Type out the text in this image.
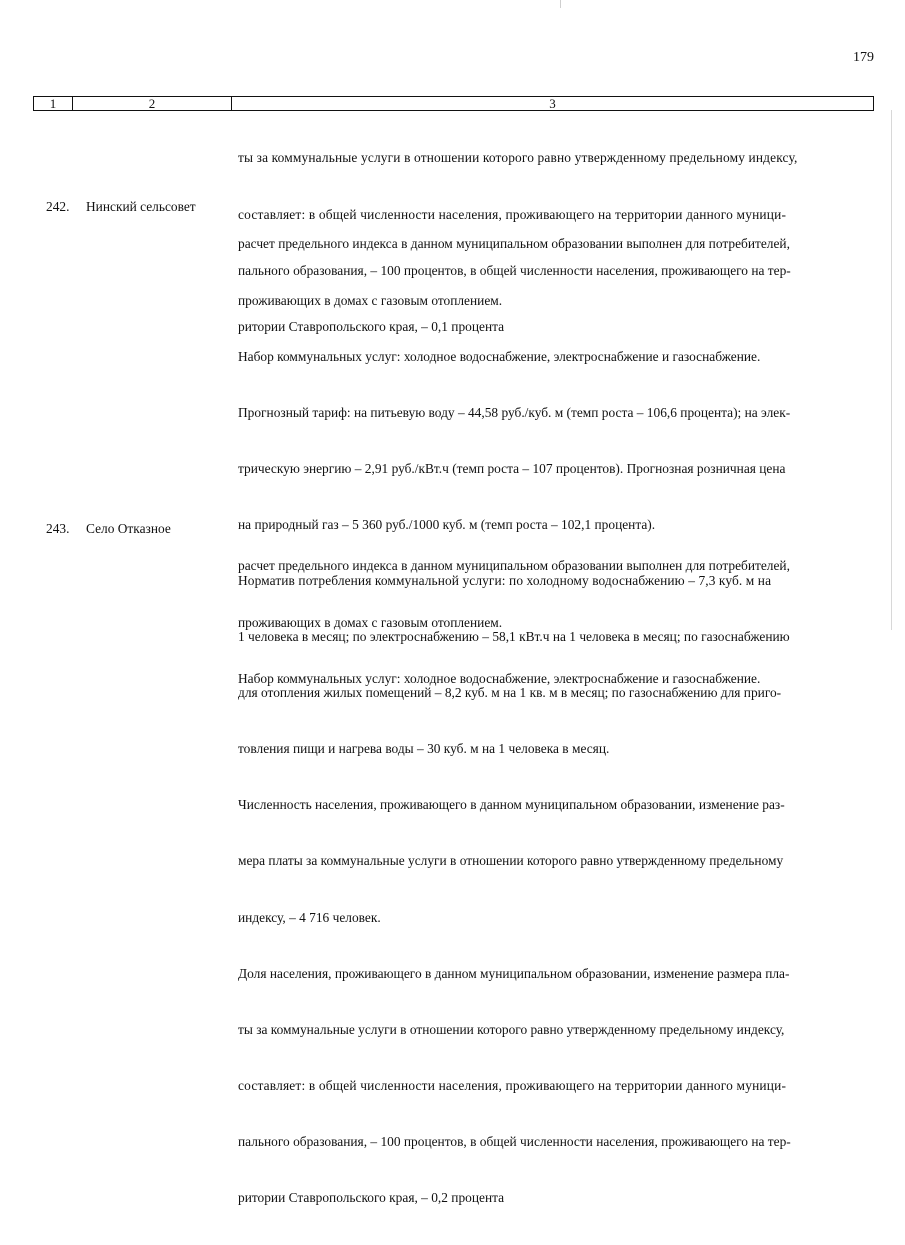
179
1	2	3

ты за коммунальные услуги в отношении которого равно утвержденному предельному индексу,

составляет: в общей численности населения, проживающего на территории данного муници-

пального образования, – 100 процентов, в общей численности населения, проживающего на тер-

ритории Ставропольского края, – 0,1 процента

242. Нинский сельсовет

расчет предельного индекса в данном муниципальном образовании выполнен для потребителей,

проживающих в домах с газовым отоплением.

Набор коммунальных услуг: холодное водоснабжение, электроснабжение и газоснабжение.

Прогнозный тариф: на питьевую воду – 44,58 руб./куб. м (темп роста – 106,6 процента); на элек-

трическую энергию – 2,91 руб./кВт.ч (темп роста – 107 процентов). Прогнозная розничная цена

на природный газ – 5 360 руб./1000 куб. м (темп роста – 102,1 процента).

Норматив потребления коммунальной услуги: по холодному водоснабжению – 7,3 куб. м на

1 человека в месяц; по электроснабжению – 58,1 кВт.ч на 1 человека в месяц; по газоснабжению

для отопления жилых помещений – 8,2 куб. м на 1 кв. м в месяц; по газоснабжению для приго-

товления пищи и нагрева воды – 30 куб. м на 1 человека в месяц.

Численность населения, проживающего в данном муниципальном образовании, изменение раз-

мера платы за коммунальные услуги в отношении которого равно утвержденному предельному

индексу, – 4 716 человек.

Доля населения, проживающего в данном муниципальном образовании, изменение размера пла-

ты за коммунальные услуги в отношении которого равно утвержденному предельному индексу,

составляет: в общей численности населения, проживающего на территории данного муници-

пального образования, – 100 процентов, в общей численности населения, проживающего на тер-

ритории Ставропольского края, – 0,2 процента

243. Село Отказное

расчет предельного индекса в данном муниципальном образовании выполнен для потребителей,

проживающих в домах с газовым отоплением.

Набор коммунальных услуг: холодное водоснабжение, электроснабжение и газоснабжение.
